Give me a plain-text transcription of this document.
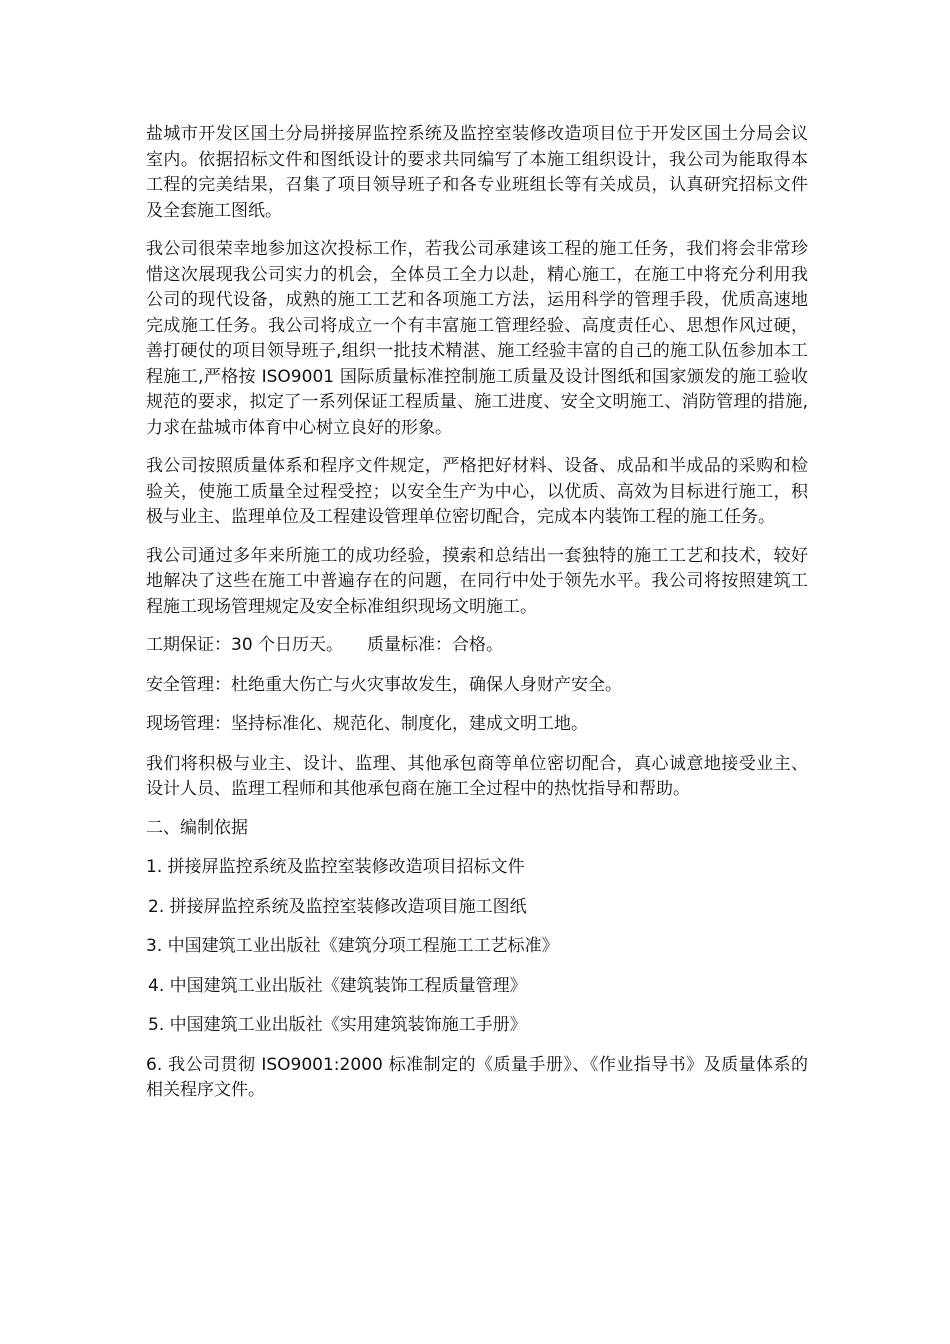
盐城市开发区国土分局拼接屏监控系统及监控室装修改造项目位于开发区国土分局会议室内。依据招标文件和图纸设计的要求共同编写了本施工组织设计，我公司为能取得本工程的完美结果，召集了项目领导班子和各专业班组长等有关成员，认真研究招标文件及全套施工图纸。

我公司很荣幸地参加这次投标工作，若我公司承建该工程的施工任务，我们将会非常珍惜这次展现我公司实力的机会，全体员工全力以赴，精心施工，在施工中将充分利用我公司的现代设备，成熟的施工工艺和各项施工方法，运用科学的管理手段，优质高速地完成施工任务。我公司将成立一个有丰富施工管理经验、高度责任心、思想作风过硬，善打硬仗的项目领导班子,组织一批技术精湛、施工经验丰富的自己的施工队伍参加本工程施工,严格按 ISO9001 国际质量标准控制施工质量及设计图纸和国家颁发的施工验收规范的要求，拟定了一系列保证工程质量、施工进度、安全文明施工、消防管理的措施,力求在盐城市体育中心树立良好的形象。

我公司按照质量体系和程序文件规定，严格把好材料、设备、成品和半成品的采购和检验关，使施工质量全过程受控；以安全生产为中心，以优质、高效为目标进行施工，积极与业主、监理单位及工程建设管理单位密切配合，完成本内装饰工程的施工任务。

我公司通过多年来所施工的成功经验，摸索和总结出一套独特的施工工艺和技术，较好地解决了这些在施工中普遍存在的问题，在同行中处于领先水平。我公司将按照建筑工程施工现场管理规定及安全标准组织现场文明施工。

工期保证：30 个日历天。 质量标准：合格。

安全管理：杜绝重大伤亡与火灾事故发生，确保人身财产安全。

现场管理：坚持标准化、规范化、制度化，建成文明工地。

我们将积极与业主、设计、监理、其他承包商等单位密切配合，真心诚意地接受业主、设计人员、监理工程师和其他承包商在施工全过程中的热忱指导和帮助。

二、编制依据

1. 拼接屏监控系统及监控室装修改造项目招标文件

2. 拼接屏监控系统及监控室装修改造项目施工图纸

3. 中国建筑工业出版社《建筑分项工程施工工艺标准》

4. 中国建筑工业出版社《建筑装饰工程质量管理》

5. 中国建筑工业出版社《实用建筑装饰施工手册》

6. 我公司贯彻 ISO9001:2000 标准制定的《质量手册》、《作业指导书》及质量体系的相关程序文件。
